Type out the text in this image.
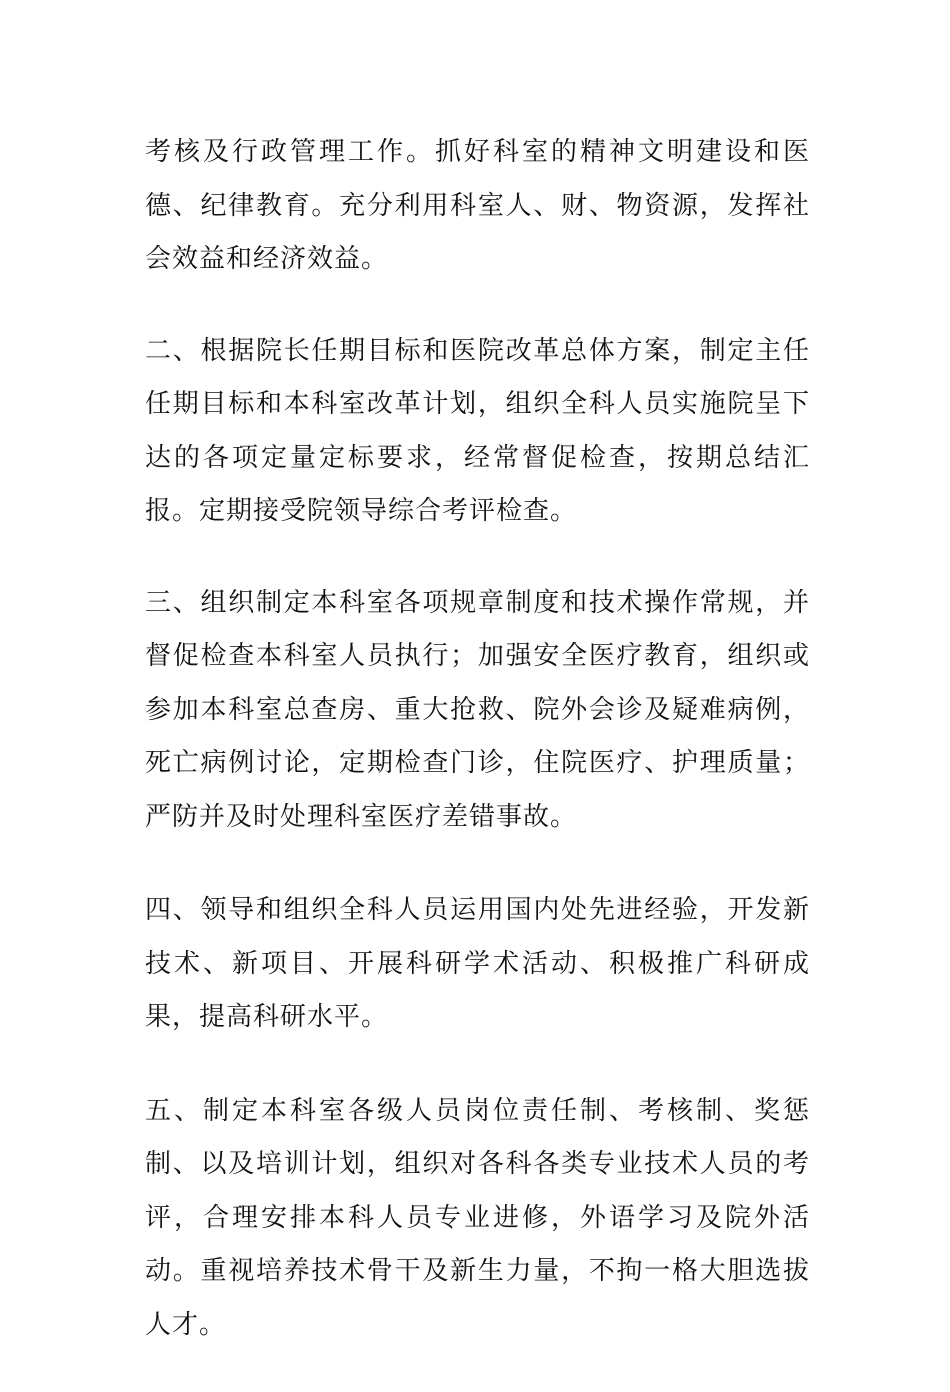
考核及行政管理工作。抓好科室的精神文明建设和医德、纪律教育。充分利用科室人、财、物资源，发挥社会效益和经济效益。

二、根据院长任期目标和医院改革总体方案，制定主任任期目标和本科室改革计划，组织全科人员实施院呈下达的各项定量定标要求，经常督促检查，按期总结汇报。定期接受院领导综合考评检查。

三、组织制定本科室各项规章制度和技术操作常规，并督促检查本科室人员执行；加强安全医疗教育，组织或参加本科室总查房、重大抢救、院外会诊及疑难病例，死亡病例讨论，定期检查门诊，住院医疗、护理质量；严防并及时处理科室医疗差错事故。

四、领导和组织全科人员运用国内处先进经验，开发新技术、新项目、开展科研学术活动、积极推广科研成果，提高科研水平。

五、制定本科室各级人员岗位责任制、考核制、奖惩制、以及培训计划，组织对各科各类专业技术人员的考评，合理安排本科人员专业进修，外语学习及院外活动。重视培养技术骨干及新生力量，不拘一格大胆选拔人才。
